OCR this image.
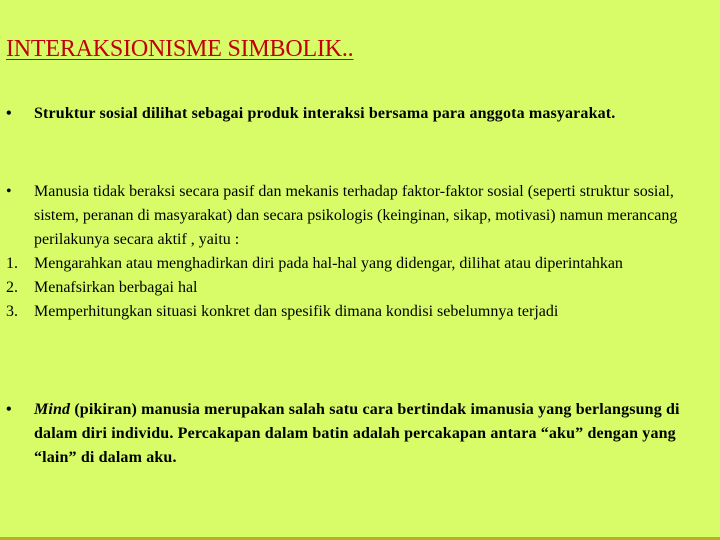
INTERAKSIONISME SIMBOLIK..
•	Struktur sosial dilihat sebagai produk interaksi bersama para anggota masyarakat.
•	Manusia tidak beraksi secara pasif dan mekanis terhadap faktor-faktor sosial (seperti struktur sosial, sistem, peranan di masyarakat) dan secara psikologis (keinginan, sikap, motivasi) namun merancang perilakunya secara aktif , yaitu :
1.	Mengarahkan atau menghadirkan diri pada hal-hal yang didengar, dilihat atau diperintahkan
2.	Menafsirkan berbagai hal
3.	Memperhitungkan situasi konkret dan spesifik dimana kondisi sebelumnya terjadi
•	Mind (pikiran) manusia merupakan salah satu cara bertindak imanusia yang berlangsung di dalam diri individu. Percakapan dalam batin adalah percakapan antara “aku” dengan yang “lain” di dalam aku.
